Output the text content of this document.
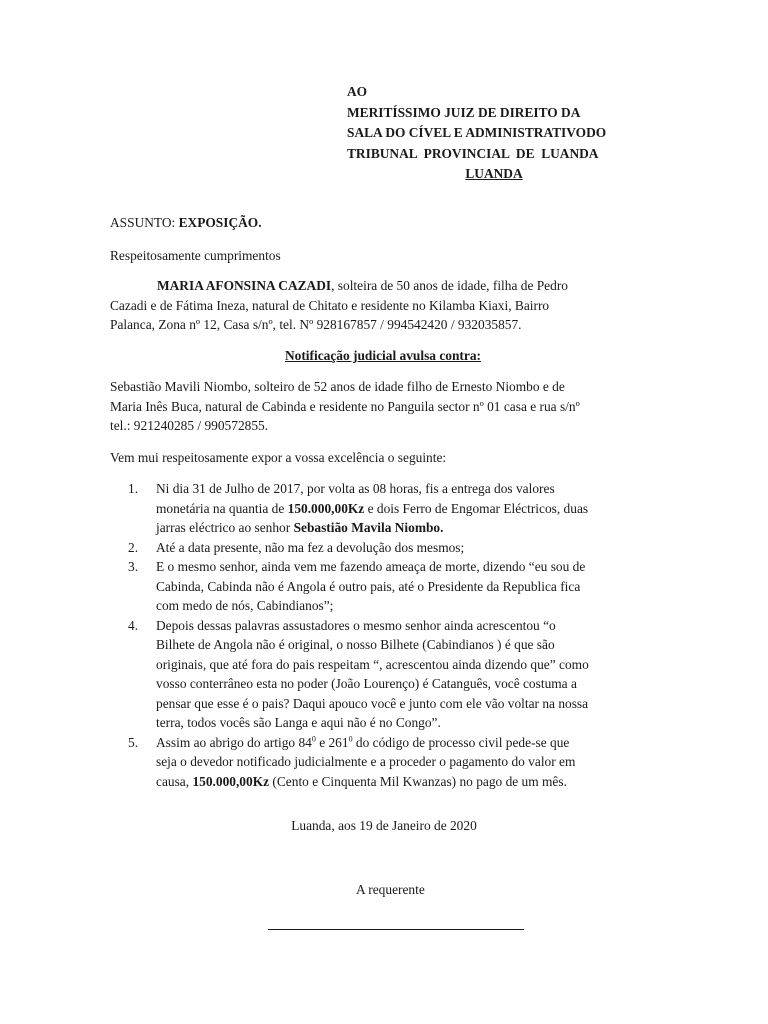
AO
MERITÍSSIMO JUIZ DE DIREITO DA
SALA DO CÍVEL E ADMINISTRATIVODO
TRIBUNAL  PROVINCIAL  DE  LUANDA
LUANDA
ASSUNTO: EXPOSIÇÃO.
Respeitosamente cumprimentos
MARIA AFONSINA CAZADI, solteira de 50 anos de idade, filha de Pedro
Cazadi e de Fátima Ineza, natural de Chitato e residente no Kilamba Kiaxi, Bairro
Palanca, Zona nº 12, Casa s/nº, tel. Nº 928167857 / 994542420 / 932035857.
Notificação judicial avulsa contra:
Sebastião Mavili Niombo, solteiro de 52 anos de idade filho de Ernesto Niombo e de
Maria Inês Buca, natural de Cabinda e residente no Panguila sector nº 01 casa e rua s/nº
tel.: 921240285 / 990572855.
Vem mui respeitosamente expor a vossa excelência o seguinte:
1. Ni dia 31 de Julho de 2017, por volta as 08 horas, fis a entrega dos valores
monetária na quantia de 150.000,00Kz e dois Ferro de Engomar Eléctricos, duas
jarras eléctrico ao senhor Sebastião Mavila Niombo.
2. Até a data presente, não ma fez a devolução dos mesmos;
3. E o mesmo senhor, ainda vem me fazendo ameaça de morte, dizendo “eu sou de
Cabinda, Cabinda não é Angola é outro pais, até o Presidente da Republica fica
com medo de nós, Cabindianos”;
4. Depois dessas palavras assustadores o mesmo senhor ainda acrescentou “o
Bilhete de Angola não é original, o nosso Bilhete (Cabindianos ) é que são
originais, que até fora do pais respeitam “, acrescentou ainda dizendo que” como
vosso conterrâneo esta no poder (João Lourenço) é Catanguês, você costuma a
pensar que esse é o pais? Daqui apouco você e junto com ele vão voltar na nossa
terra, todos vocês são Langa e aqui não é no Congo”.
5. Assim ao abrigo do artigo $84^0$ e $261^0$ do código de processo civil pede-se que
seja o devedor notificado judicialmente e a proceder o pagamento do valor em
causa, 150.000,00Kz (Cento e Cinquenta Mil Kwanzas) no pago de um mês.
Luanda, aos 19 de Janeiro de 2020
A requerente
